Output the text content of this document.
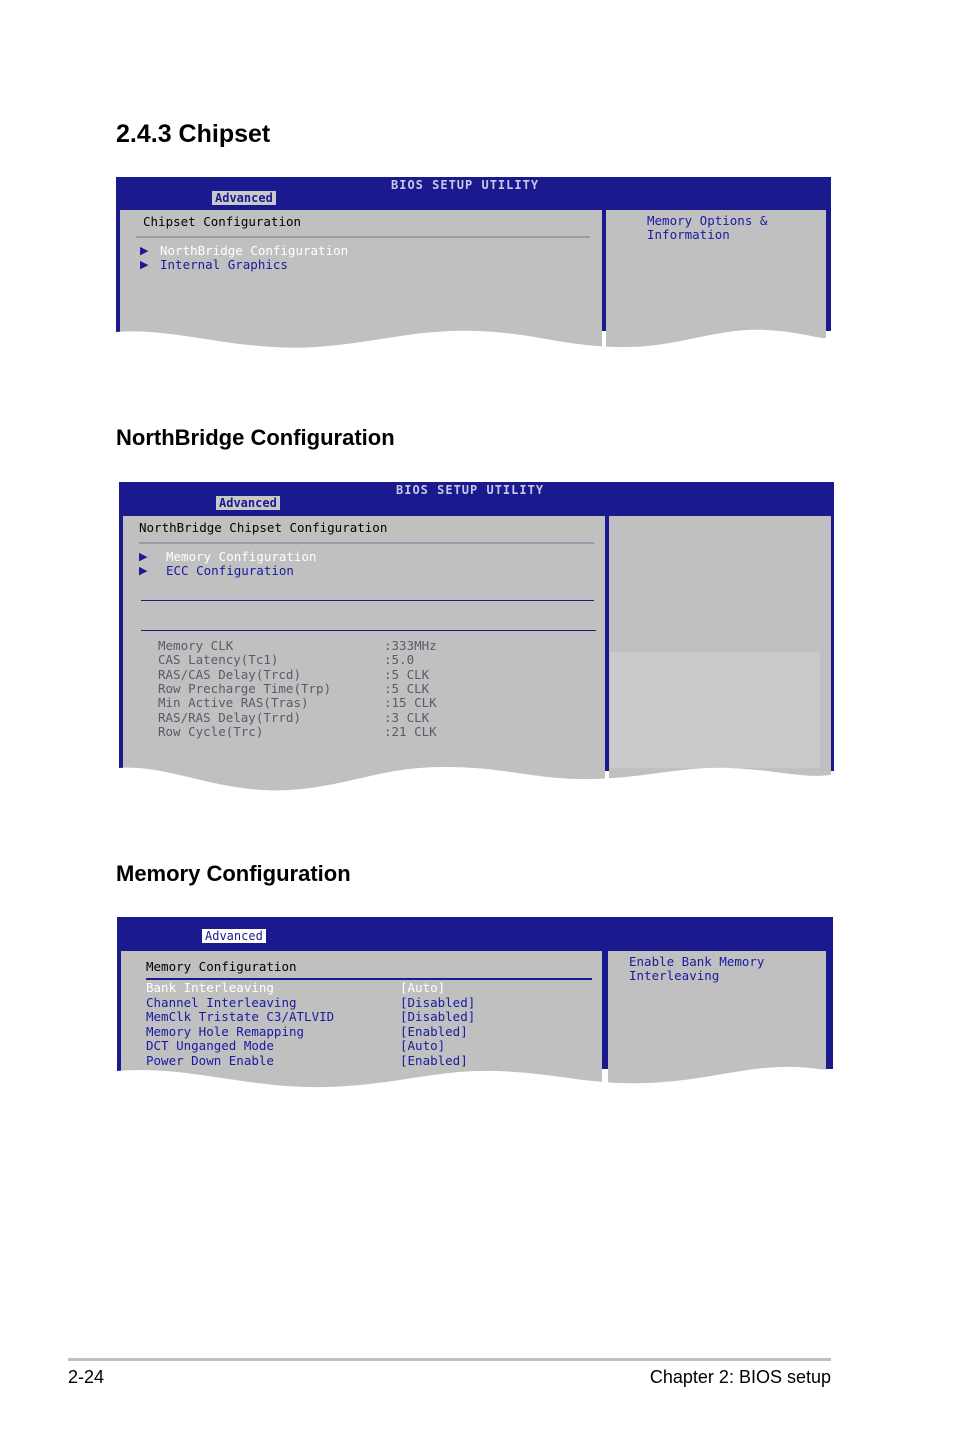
2.4.3 Chipset
BIOS SETUP UTILITY
Advanced
Chipset Configuration
▶ NorthBridge Configuration
▶ Internal Graphics
Memory Options &
Information
NorthBridge Configuration
BIOS SETUP UTILITY
Advanced
NorthBridge Chipset Configuration
▶ Memory Configuration
▶ ECC Configuration
Memory CLK	:333MHz
CAS Latency(Tc1)	:5.0
RAS/CAS Delay(Trcd)	:5 CLK
Row Precharge Time(Trp)	:5 CLK
Min Active RAS(Tras)	:15 CLK
RAS/RAS Delay(Trrd)	:3 CLK
Row Cycle(Trc)	:21 CLK
Memory Configuration
Advanced
Memory Configuration
Bank Interleaving	[Auto]
Channel Interleaving	[Disabled]
MemClk Tristate C3/ATLVID	[Disabled]
Memory Hole Remapping	[Enabled]
DCT Unganged Mode	[Auto]
Power Down Enable	[Enabled]
Enable Bank Memory
Interleaving
2-24	Chapter 2: BIOS setup
